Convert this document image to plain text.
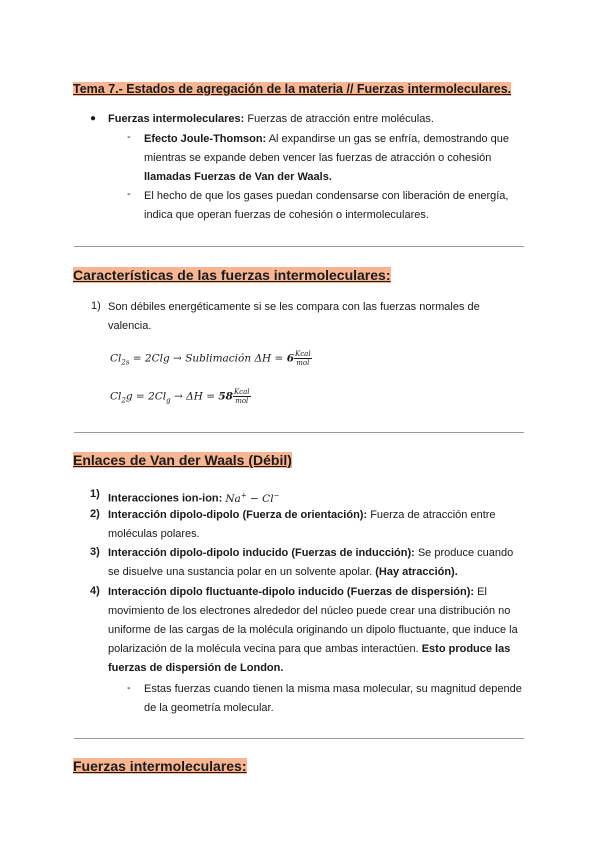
Tema 7.- Estados de agregación de la materia // Fuerzas intermoleculares.
● Fuerzas intermoleculares: Fuerzas de atracción entre moléculas.
- Efecto Joule-Thomson: Al expandirse un gas se enfría, demostrando que
mientras se expande deben vencer las fuerzas de atracción o cohesión
llamadas Fuerzas de Van der Waals.
- El hecho de que los gases puedan condensarse con liberación de energía,
indica que operan fuerzas de cohesión o intermoleculares.
Características de las fuerzas intermoleculares:
1) Son débiles energéticamente si se les compara con las fuerzas normales de
valencia.
$Cl_{2s} = 2Clg$ → Sublimación $\Delta H = 6 \frac{\text{Kcal}}{\text{mol}}$
$Cl_2g = 2Cl_g \to \Delta H = 58 \frac{\text{Kcal}}{\text{mol}}$
Enlaces de Van der Waals (Débil)
1) Interacciones ion-ion: Na+ − Cl−
2) Interacción dipolo-dipolo (Fuerza de orientación): Fuerza de atracción entre
moléculas polares.
3) Interacción dipolo-dipolo inducido (Fuerzas de inducción): Se produce cuando
se disuelve una sustancia polar en un solvente apolar. (Hay atracción).
4) Interacción dipolo fluctuante-dipolo inducido (Fuerzas de dispersión): El
movimiento de los electrones alrededor del núcleo puede crear una distribución no
uniforme de las cargas de la molécula originando un dipolo fluctuante, que induce la
polarización de la molécula vecina para que ambas interactúen. Esto produce las
fuerzas de dispersión de London.
- Estas fuerzas cuando tienen la misma masa molecular, su magnitud depende
de la geometría molecular.
Fuerzas intermoleculares:
